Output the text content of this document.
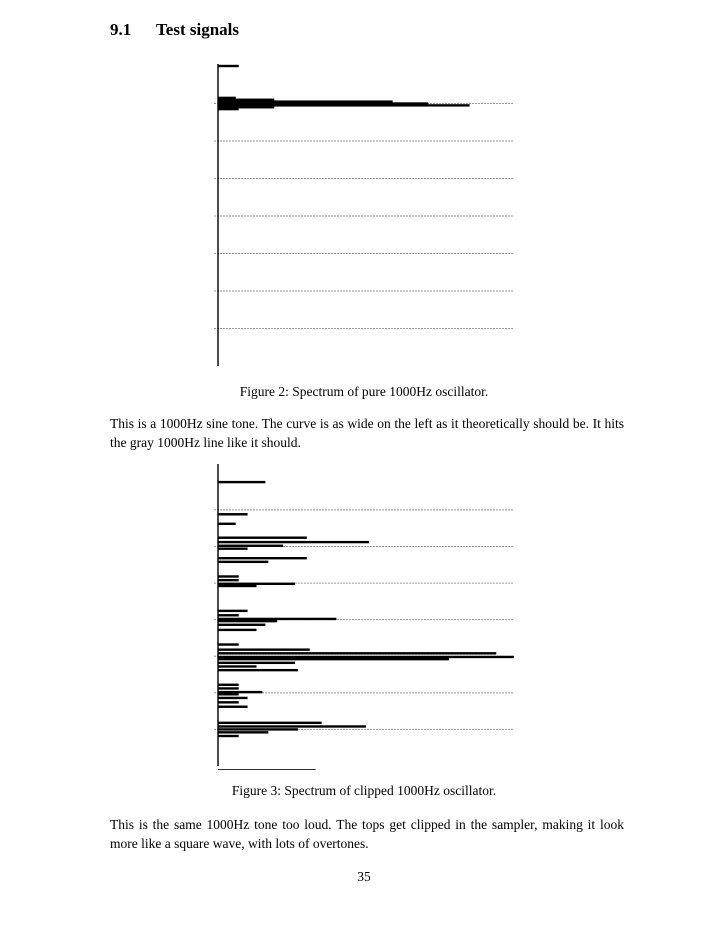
9.1 Test signals
Figure 2: Spectrum of pure 1000Hz oscillator.
This is a 1000Hz sine tone. The curve is as wide on the left as it theoretically should be. It hits the gray 1000Hz line like it should.
Figure 3: Spectrum of clipped 1000Hz oscillator.
This is the same 1000Hz tone too loud. The tops get clipped in the sampler, making it look more like a square wave, with lots of overtones.
35
